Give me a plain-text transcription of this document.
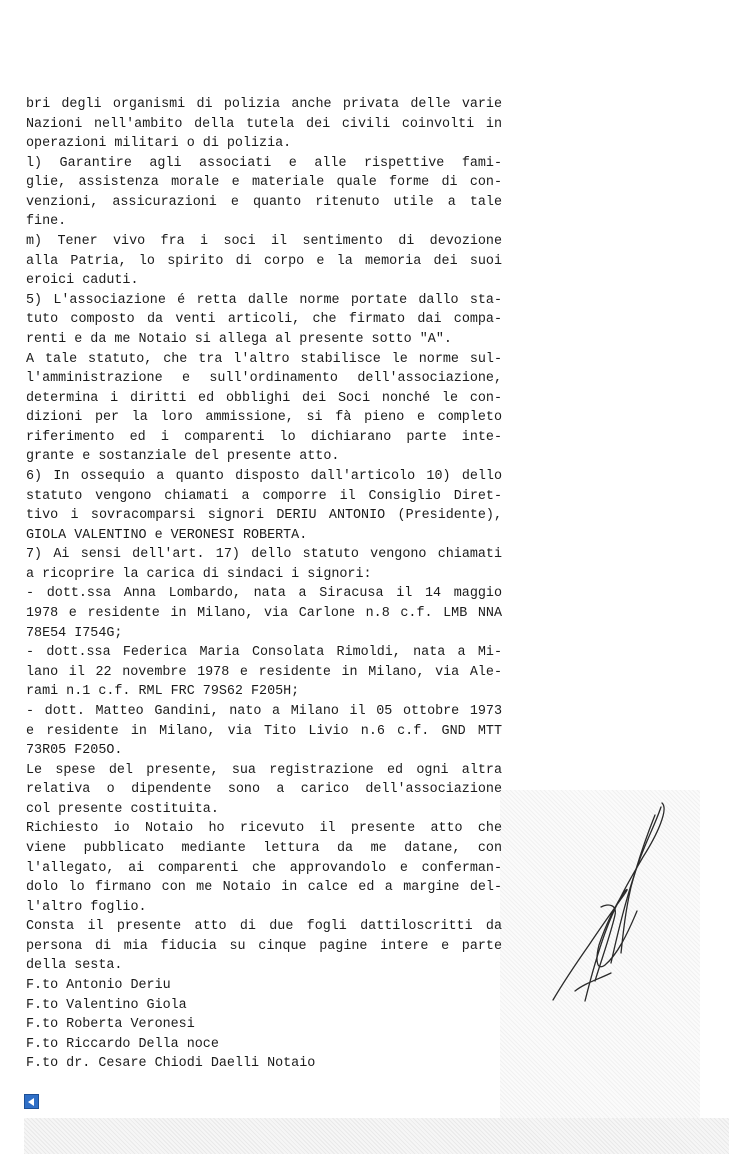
bri degli organismi di polizia anche privata delle varie
Nazioni nell'ambito della tutela dei civili coinvolti in
operazioni militari o di polizia.
l) Garantire agli associati e alle rispettive fami-
glie, assistenza morale e materiale quale forme di con-
venzioni, assicurazioni e quanto ritenuto utile a tale
fine.
m) Tener vivo fra i soci il sentimento di devozione
alla Patria, lo spirito di corpo e la memoria dei suoi
eroici caduti.
5) L'associazione é retta dalle norme portate dallo sta-
tuto composto da venti articoli, che firmato dai compa-
renti e da me Notaio si allega al presente sotto "A".
A tale statuto, che tra l'altro stabilisce le norme sul-
l'amministrazione e sull'ordinamento dell'associazione,
determina i diritti ed obblighi dei Soci nonché le con-
dizioni per la loro ammissione, si fà pieno e completo
riferimento ed i comparenti lo dichiarano parte inte-
grante e sostanziale del presente atto.
6) In ossequio a quanto disposto dall'articolo 10) dello
statuto vengono chiamati a comporre il Consiglio Diret-
tivo i sovracomparsi signori DERIU ANTONIO (Presidente),
GIOLA VALENTINO e VERONESI ROBERTA.
7) Ai sensi dell'art. 17) dello statuto vengono chiamati
a ricoprire la carica di sindaci i signori:
- dott.ssa Anna Lombardo, nata a Siracusa il 14 maggio
1978 e residente in Milano, via Carlone n.8 c.f. LMB NNA
78E54 I754G;
- dott.ssa Federica Maria Consolata Rimoldi, nata a Mi-
lano il 22 novembre 1978 e residente in Milano, via Ale-
rami n.1 c.f. RML FRC 79S62 F205H;
- dott. Matteo Gandini, nato a Milano il 05 ottobre 1973
e residente in Milano, via Tito Livio n.6 c.f. GND MTT
73R05 F205O.
Le spese del presente, sua registrazione ed ogni altra
relativa o dipendente sono a carico dell'associazione
col presente costituita.
Richiesto io Notaio ho ricevuto il presente atto che
viene pubblicato mediante lettura da me datane, con
l'allegato, ai comparenti che approvandolo e conferman-
dolo lo firmano con me Notaio in calce ed a margine del-
l'altro foglio.
Consta il presente atto di due fogli dattiloscritti da
persona di mia fiducia su cinque pagine intere e parte
della sesta.
F.to Antonio Deriu
F.to Valentino Giola
F.to Roberta Veronesi
F.to Riccardo Della noce
F.to dr. Cesare Chiodi Daelli Notaio
